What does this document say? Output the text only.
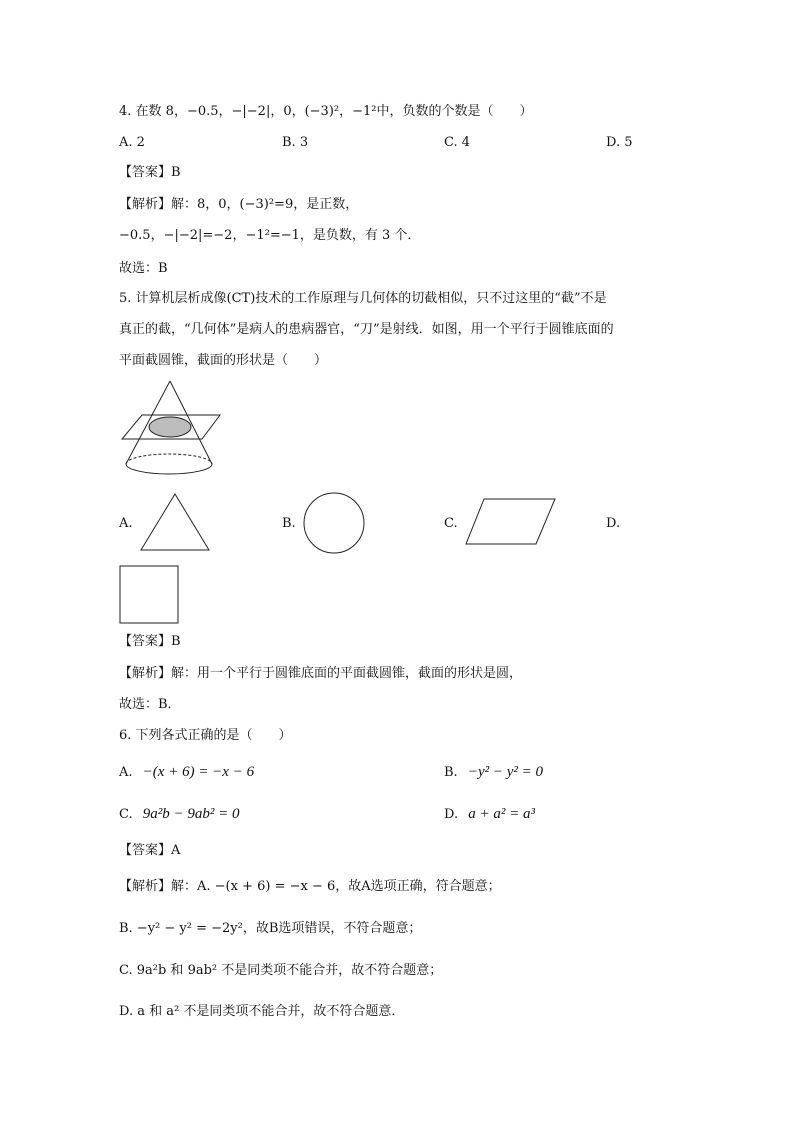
4. 在数 8，−0.5，−|−2|，0，(−3)²，−1²中，负数的个数是（　　）
A. 2	B. 3	C. 4	D. 5
【答案】B
【解析】解：8，0，(−3)²=9，是正数，
−0.5，−|−2|=−2，−1²=−1，是负数，有 3 个．
故选：B
5. 计算机层析成像(CT)技术的工作原理与几何体的切截相似，只不过这里的“截”不是
真正的截，“几何体”是病人的患病器官，“刀”是射线．如图，用一个平行于圆锥底面的
平面截圆锥，截面的形状是（　　）
A.	B.	C.	D.
【答案】B
【解析】解：用一个平行于圆锥底面的平面截圆锥，截面的形状是圆，
故选：B．
6. 下列各式正确的是（　　）
A. −(x + 6) = −x − 6	B. −y² − y² = 0
C. 9a²b − 9ab² = 0	D. a + a² = a³
【答案】A
【解析】解：A. −(x + 6) = −x − 6，故A选项正确，符合题意；
B. −y² − y² = −2y²，故B选项错误，不符合题意；
C. 9a²b 和 9ab² 不是同类项不能合并，故不符合题意；
D. a 和 a² 不是同类项不能合并，故不符合题意．
